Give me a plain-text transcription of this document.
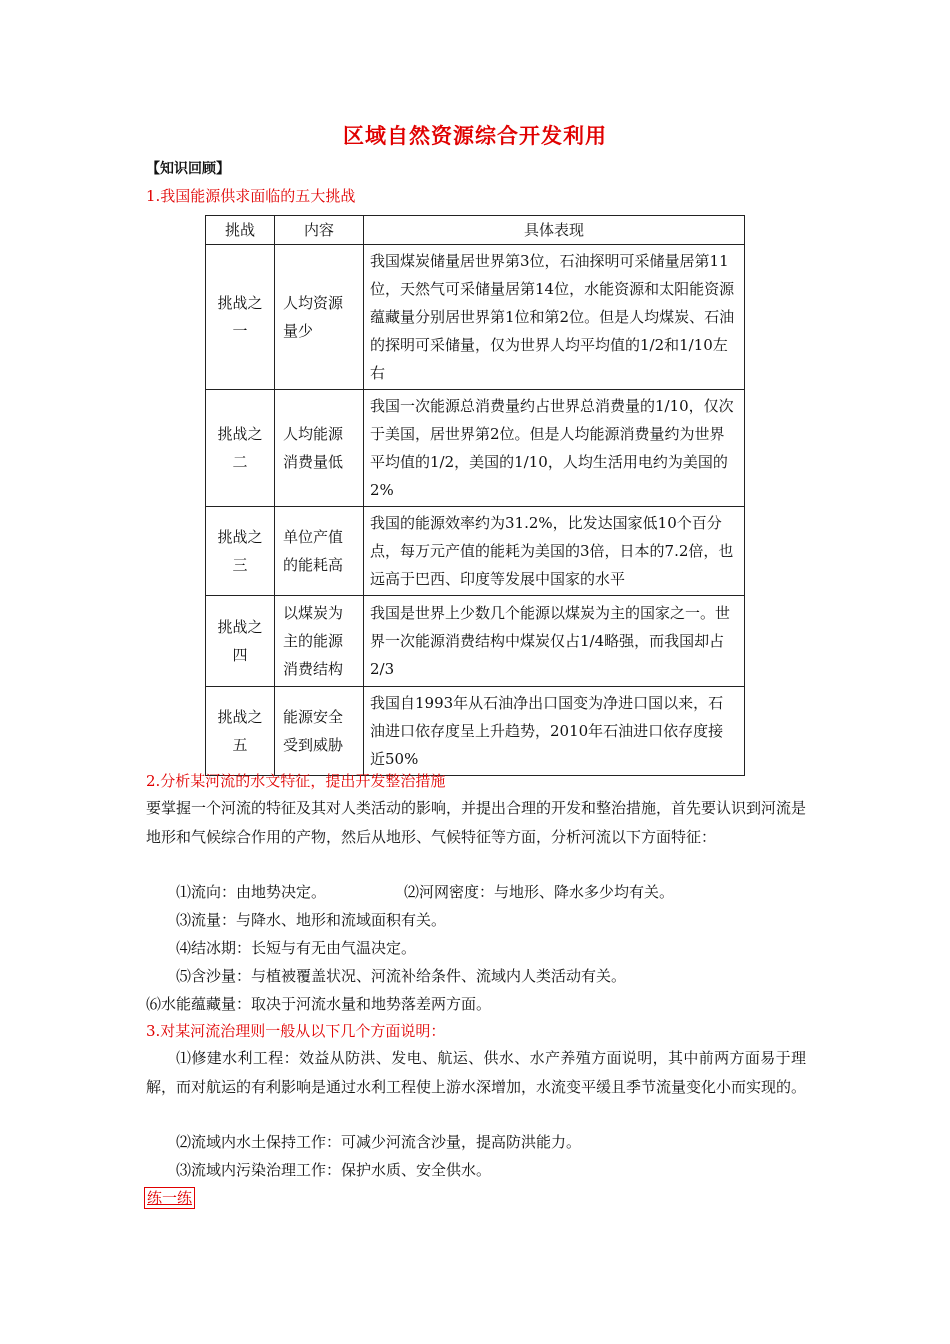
区域自然资源综合开发利用
【知识回顾】
1.我国能源供求面临的五大挑战
挑战	内容	具体表现
挑战之一	人均资源量少	我国煤炭储量居世界第3位，石油探明可采储量居第11位，天然气可采储量居第14位，水能资源和太阳能资源蕴藏量分别居世界第1位和第2位。但是人均煤炭、石油的探明可采储量，仅为世界人均平均值的1/2和1/10左右
挑战之二	人均能源消费量低	我国一次能源总消费量约占世界总消费量的1/10，仅次于美国，居世界第2位。但是人均能源消费量约为世界平均值的1/2，美国的1/10，人均生活用电约为美国的2%
挑战之三	单位产值的能耗高	我国的能源效率约为31.2%，比发达国家低10个百分点，每万元产值的能耗为美国的3倍，日本的7.2倍，也远高于巴西、印度等发展中国家的水平
挑战之四	以煤炭为主的能源消费结构	我国是世界上少数几个能源以煤炭为主的国家之一。世界一次能源消费结构中煤炭仅占1/4略强，而我国却占2/3
挑战之五	能源安全受到威胁	我国自1993年从石油净出口国变为净进口国以来，石油进口依存度呈上升趋势，2010年石油进口依存度接近50%
2.分析某河流的水文特征，提出开发整治措施
要掌握一个河流的特征及其对人类活动的影响，并提出合理的开发和整治措施，首先要认识到河流是地形和气候综合作用的产物，然后从地形、气候特征等方面，分析河流以下方面特征：
⑴流向：由地势决定。	⑵河网密度：与地形、降水多少均有关。
⑶流量：与降水、地形和流域面积有关。
⑷结冰期：长短与有无由气温决定。
⑸含沙量：与植被覆盖状况、河流补给条件、流域内人类活动有关。
⑹水能蕴藏量：取决于河流水量和地势落差两方面。
3.对某河流治理则一般从以下几个方面说明：
⑴修建水利工程：效益从防洪、发电、航运、供水、水产养殖方面说明，其中前两方面易于理解，而对航运的有利影响是通过水利工程使上游水深增加，水流变平缓且季节流量变化小而实现的。
⑵流域内水土保持工作：可减少河流含沙量，提高防洪能力。
⑶流域内污染治理工作：保护水质、安全供水。
练一练
